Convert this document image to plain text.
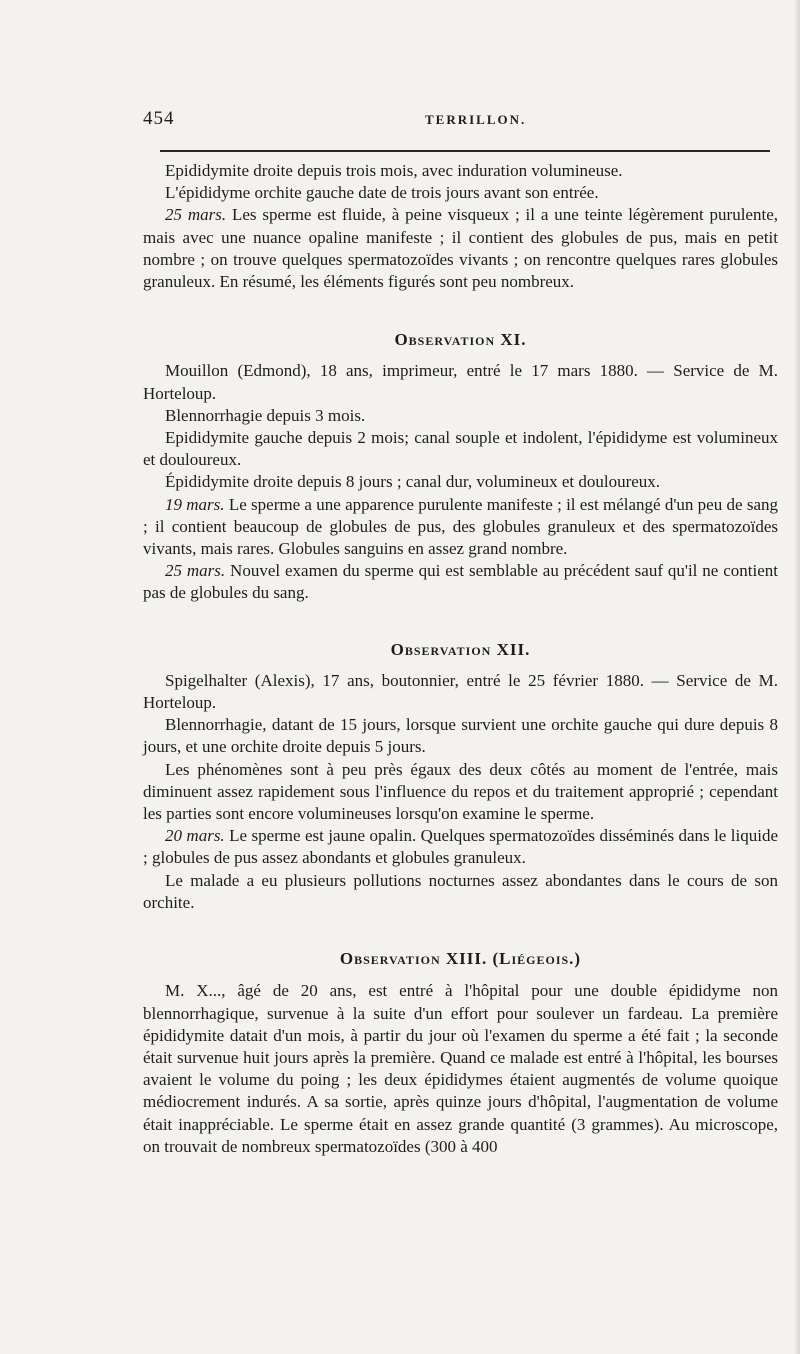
454	TERRILLON.

Epididymite droite depuis trois mois, avec induration volumineuse.

L'épididyme orchite gauche date de trois jours avant son entrée.

25 mars. Les sperme est fluide, à peine visqueux ; il a une teinte légèrement purulente, mais avec une nuance opaline manifeste ; il contient des globules de pus, mais en petit nombre ; on trouve quelques spermatozoïdes vivants ; on rencontre quelques rares globules granuleux. En résumé, les éléments figurés sont peu nombreux.

Observation XI.

Mouillon (Edmond), 18 ans, imprimeur, entré le 17 mars 1880. — Service de M. Horteloup.

Blennorrhagie depuis 3 mois.

Epididymite gauche depuis 2 mois; canal souple et indolent, l'épididyme est volumineux et douloureux.

Épididymite droite depuis 8 jours ; canal dur, volumineux et douloureux.

19 mars. Le sperme a une apparence purulente manifeste ; il est mélangé d'un peu de sang ; il contient beaucoup de globules de pus, des globules granuleux et des spermatozoïdes vivants, mais rares. Globules sanguins en assez grand nombre.

25 mars. Nouvel examen du sperme qui est semblable au précédent sauf qu'il ne contient pas de globules du sang.

Observation XII.

Spigelhalter (Alexis), 17 ans, boutonnier, entré le 25 février 1880. — Service de M. Horteloup.

Blennorrhagie, datant de 15 jours, lorsque survient une orchite gauche qui dure depuis 8 jours, et une orchite droite depuis 5 jours.

Les phénomènes sont à peu près égaux des deux côtés au moment de l'entrée, mais diminuent assez rapidement sous l'influence du repos et du traitement approprié ; cependant les parties sont encore volumineuses lorsqu'on examine le sperme.

20 mars. Le sperme est jaune opalin. Quelques spermatozoïdes disséminés dans le liquide ; globules de pus assez abondants et globules granuleux.

Le malade a eu plusieurs pollutions nocturnes assez abondantes dans le cours de son orchite.

Observation XIII. (Liégeois.)

M. X..., âgé de 20 ans, est entré à l'hôpital pour une double épididyme non blennorrhagique, survenue à la suite d'un effort pour soulever un fardeau. La première épididymite datait d'un mois, à partir du jour où l'examen du sperme a été fait ; la seconde était survenue huit jours après la première. Quand ce malade est entré à l'hôpital, les bourses avaient le volume du poing ; les deux épididymes étaient augmentés de volume quoique médiocrement indurés. A sa sortie, après quinze jours d'hôpital, l'augmentation de volume était inappréciable. Le sperme était en assez grande quantité (3 grammes). Au microscope, on trouvait de nombreux spermatozoïdes (300 à 400
